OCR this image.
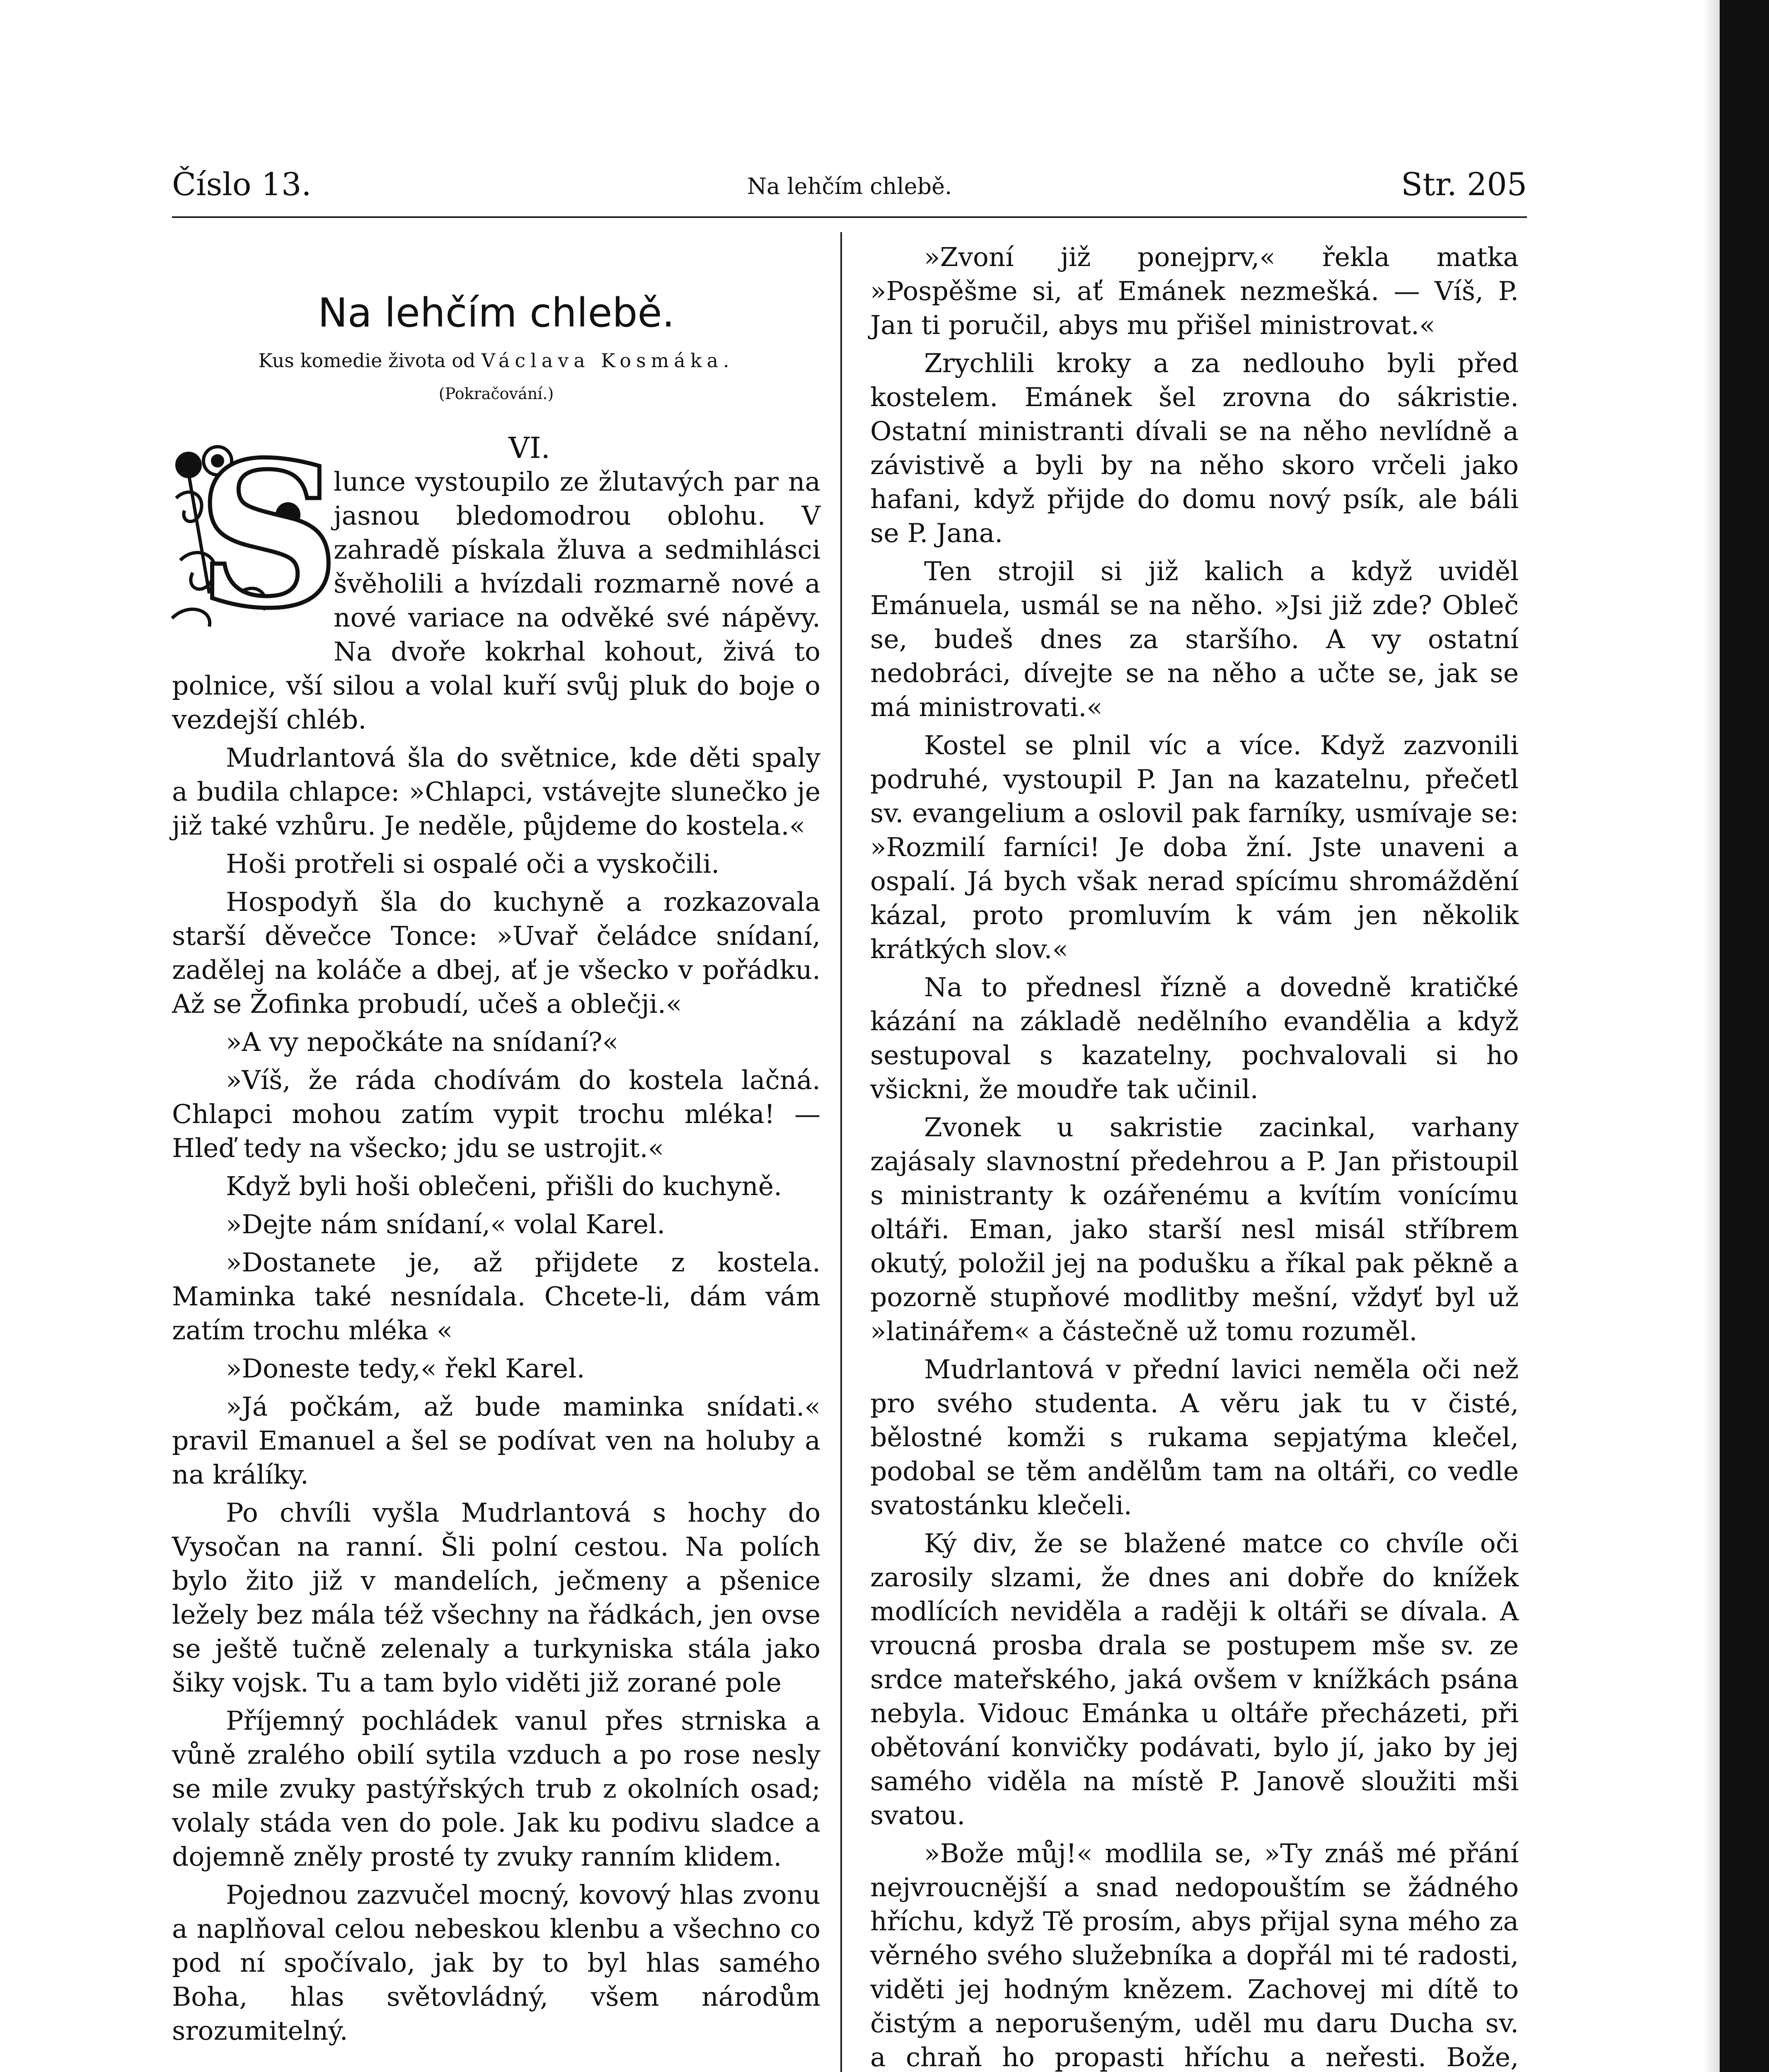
Číslo 13.	Na lehčím chlebě.	Str. 205
Na lehčím chlebě.
Kus komedie života od Václava Kosmáka.
(Pokračování.)
VI.
S

lunce vystoupilo ze žlutavých par na jasnou bledomodrou oblohu. V zahradě pískala žluva a sedmihlásci švěholili a hvízdali rozmarně nové a nové variace na odvěké své nápěvy. Na dvoře kokrhal kohout, živá to polnice, vší silou a volal kuří svůj pluk do boje o vezdejší chléb.

Mudrlantová šla do světnice, kde děti spaly a budila chlapce: »Chlapci, vstávejte slunečko je již také vzhůru. Je neděle, půjdeme do kostela.«

Hoši protřeli si ospalé oči a vyskočili.

Hospodyň šla do kuchyně a rozkazovala starší děvečce Tonce: »Uvař čeládce snídaní, zadělej na koláče a dbej, ať je všecko v pořádku. Až se Žofinka probudí, učeš a oblečji.«

»A vy nepočkáte na snídaní?«

»Víš, že ráda chodívám do kostela lačná. Chlapci mohou zatím vypit trochu mléka! — Hleď tedy na všecko; jdu se ustrojit.«

Když byli hoši oblečeni, přišli do kuchyně.

»Dejte nám snídaní,« volal Karel.

»Dostanete je, až přijdete z kostela. Maminka také nesnídala. Chcete-li, dám vám zatím trochu mléka «

»Doneste tedy,« řekl Karel.

»Já počkám, až bude maminka snídati.« pravil Emanuel a šel se podívat ven na holuby a na králíky.

Po chvíli vyšla Mudrlantová s hochy do Vysočan na ranní. Šli polní cestou. Na polích bylo žito již v mandelích, ječmeny a pšenice ležely bez mála též všechny na řádkách, jen ovse se ještě tučně zelenaly a turkyniska stála jako šiky vojsk. Tu a tam bylo viděti již zorané pole

Příjemný pochládek vanul přes strniska a vůně zralého obilí sytila vzduch a po rose nesly se mile zvuky pastýřských trub z okolních osad; volaly stáda ven do pole. Jak ku podivu sladce a dojemně zněly prosté ty zvuky ranním klidem.

Pojednou zazvučel mocný, kovový hlas zvonu a naplňoval celou nebeskou klenbu a všechno co pod ní spočívalo, jak by to byl hlas samého Boha, hlas světovládný, všem národům srozumitelný.

»Zvoní již ponejprv,« řekla matka »Pospěšme si, ať Emánek nezmešká. — Víš, P. Jan ti poručil, abys mu přišel ministrovat.«

Zrychlili kroky a za nedlouho byli před kostelem. Emánek šel zrovna do sákristie. Ostatní ministranti dívali se na něho nevlídně a závistivě a byli by na něho skoro vrčeli jako hafani, když přijde do domu nový psík, ale báli se P. Jana.

Ten strojil si již kalich a když uviděl Emánuela, usmál se na něho. »Jsi již zde? Obleč se, budeš dnes za staršího. A vy ostatní nedobráci, dívejte se na něho a učte se, jak se má ministrovati.«

Kostel se plnil víc a více. Když zazvonili podruhé, vystoupil P. Jan na kazatelnu, přečetl sv. evangelium a oslovil pak farníky, usmívaje se: »Rozmilí farníci! Je doba žní. Jste unaveni a ospalí. Já bych však nerad spícímu shromáždění kázal, proto promluvím k vám jen několik krátkých slov.«

Na to přednesl řízně a dovedně kratičké kázání na základě nedělního evandělia a když sestupoval s kazatelny, pochvalovali si ho všickni, že moudře tak učinil.

Zvonek u sakristie zacinkal, varhany zajásaly slavnostní předehrou a P. Jan přistoupil s ministranty k ozářenému a kvítím vonícímu oltáři. Eman, jako starší nesl misál stříbrem okutý, položil jej na podušku a říkal pak pěkně a pozorně stupňové modlitby mešní, vždyť byl už »latinářem« a částečně už tomu rozuměl.

Mudrlantová v přední lavici neměla oči než pro svého studenta. A věru jak tu v čisté, bělostné komži s rukama sepjatýma klečel, podobal se těm andělům tam na oltáři, co vedle svatostánku klečeli.

Ký div, že se blažené matce co chvíle oči zarosily slzami, že dnes ani dobře do knížek modlících neviděla a raději k oltáři se dívala. A vroucná prosba drala se postupem mše sv. ze srdce mateřského, jaká ovšem v knížkách psána nebyla. Vidouc Emánka u oltáře přecházeti, při obětování konvičky podávati, bylo jí, jako by jej samého viděla na místě P. Janově sloužiti mši svatou.

»Bože můj!« modlila se, »Ty znáš mé přání nejvroucnější a snad nedopouštím se žádného hříchu, když Tě prosím, abys přijal syna mého za věrného svého služebníka a dopřál mi té radosti, viděti jej hodným knězem. Zachovej mi dítě to čistým a neporušeným, uděl mu daru Ducha sv. a chraň ho propasti hříchu a neřesti. Bože,
